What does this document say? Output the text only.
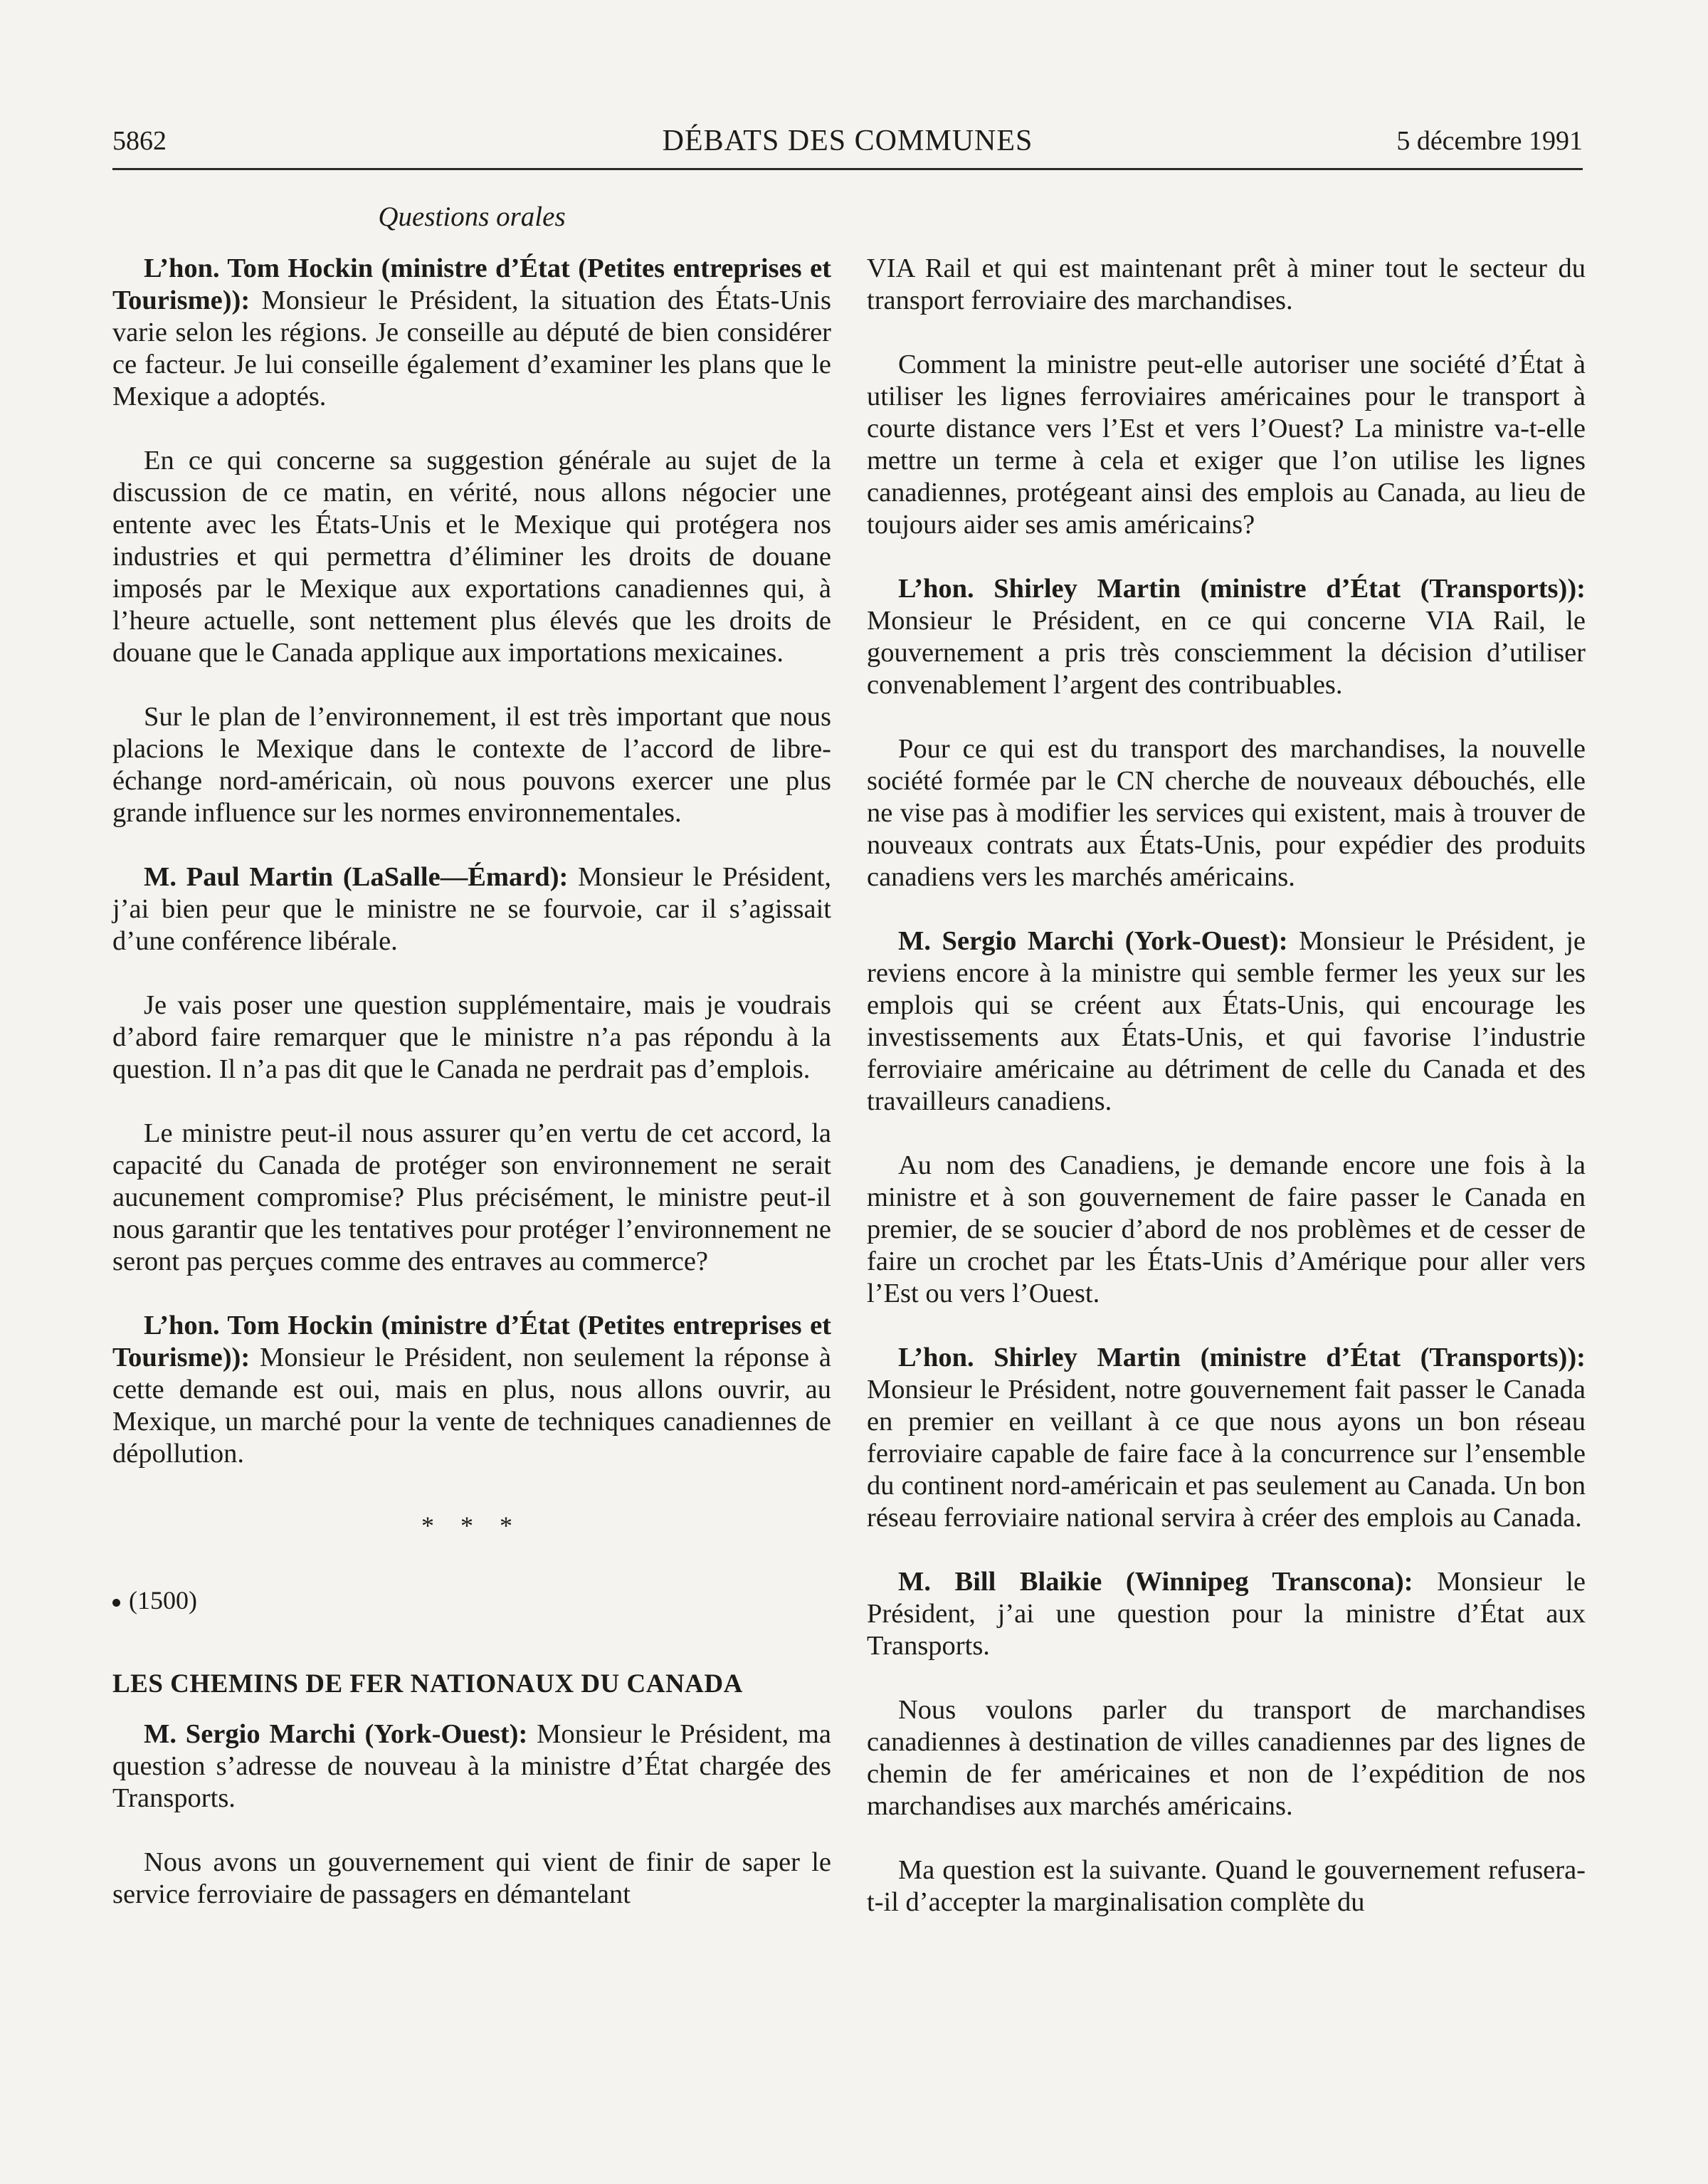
5862	DÉBATS DES COMMUNES	5 décembre 1991
Questions orales

L’hon. Tom Hockin (ministre d’État (Petites entreprises et Tourisme)): Monsieur le Président, la situation des États-Unis varie selon les régions. Je conseille au député de bien considérer ce facteur. Je lui conseille également d’examiner les plans que le Mexique a adoptés.

En ce qui concerne sa suggestion générale au sujet de la discussion de ce matin, en vérité, nous allons négocier une entente avec les États-Unis et le Mexique qui protégera nos industries et qui permettra d’éliminer les droits de douane imposés par le Mexique aux exportations canadiennes qui, à l’heure actuelle, sont nettement plus élevés que les droits de douane que le Canada applique aux importations mexicaines.

Sur le plan de l’environnement, il est très important que nous placions le Mexique dans le contexte de l’accord de libre-échange nord-américain, où nous pouvons exercer une plus grande influence sur les normes environnementales.

M. Paul Martin (LaSalle—Émard): Monsieur le Président, j’ai bien peur que le ministre ne se fourvoie, car il s’agissait d’une conférence libérale.

Je vais poser une question supplémentaire, mais je voudrais d’abord faire remarquer que le ministre n’a pas répondu à la question. Il n’a pas dit que le Canada ne perdrait pas d’emplois.

Le ministre peut-il nous assurer qu’en vertu de cet accord, la capacité du Canada de protéger son environnement ne serait aucunement compromise? Plus précisément, le ministre peut-il nous garantir que les tentatives pour protéger l’environnement ne seront pas perçues comme des entraves au commerce?

L’hon. Tom Hockin (ministre d’État (Petites entreprises et Tourisme)): Monsieur le Président, non seulement la réponse à cette demande est oui, mais en plus, nous allons ouvrir, au Mexique, un marché pour la vente de techniques canadiennes de dépollution.

* * *

(1500)

LES CHEMINS DE FER NATIONAUX DU CANADA

M. Sergio Marchi (York-Ouest): Monsieur le Président, ma question s’adresse de nouveau à la ministre d’État chargée des Transports.

Nous avons un gouvernement qui vient de finir de saper le service ferroviaire de passagers en démantelant

VIA Rail et qui est maintenant prêt à miner tout le secteur du transport ferroviaire des marchandises.

Comment la ministre peut-elle autoriser une société d’État à utiliser les lignes ferroviaires américaines pour le transport à courte distance vers l’Est et vers l’Ouest? La ministre va-t-elle mettre un terme à cela et exiger que l’on utilise les lignes canadiennes, protégeant ainsi des emplois au Canada, au lieu de toujours aider ses amis américains?

L’hon. Shirley Martin (ministre d’État (Transports)): Monsieur le Président, en ce qui concerne VIA Rail, le gouvernement a pris très consciemment la décision d’utiliser convenablement l’argent des contribuables.

Pour ce qui est du transport des marchandises, la nouvelle société formée par le CN cherche de nouveaux débouchés, elle ne vise pas à modifier les services qui existent, mais à trouver de nouveaux contrats aux États-Unis, pour expédier des produits canadiens vers les marchés américains.

M. Sergio Marchi (York-Ouest): Monsieur le Président, je reviens encore à la ministre qui semble fermer les yeux sur les emplois qui se créent aux États-Unis, qui encourage les investissements aux États-Unis, et qui favorise l’industrie ferroviaire américaine au détriment de celle du Canada et des travailleurs canadiens.

Au nom des Canadiens, je demande encore une fois à la ministre et à son gouvernement de faire passer le Canada en premier, de se soucier d’abord de nos problèmes et de cesser de faire un crochet par les États-Unis d’Amérique pour aller vers l’Est ou vers l’Ouest.

L’hon. Shirley Martin (ministre d’État (Transports)): Monsieur le Président, notre gouvernement fait passer le Canada en premier en veillant à ce que nous ayons un bon réseau ferroviaire capable de faire face à la concurrence sur l’ensemble du continent nord-américain et pas seulement au Canada. Un bon réseau ferroviaire national servira à créer des emplois au Canada.

M. Bill Blaikie (Winnipeg Transcona): Monsieur le Président, j’ai une question pour la ministre d’État aux Transports.

Nous voulons parler du transport de marchandises canadiennes à destination de villes canadiennes par des lignes de chemin de fer américaines et non de l’expédition de nos marchandises aux marchés américains.

Ma question est la suivante. Quand le gouvernement refusera-t-il d’accepter la marginalisation complète du
